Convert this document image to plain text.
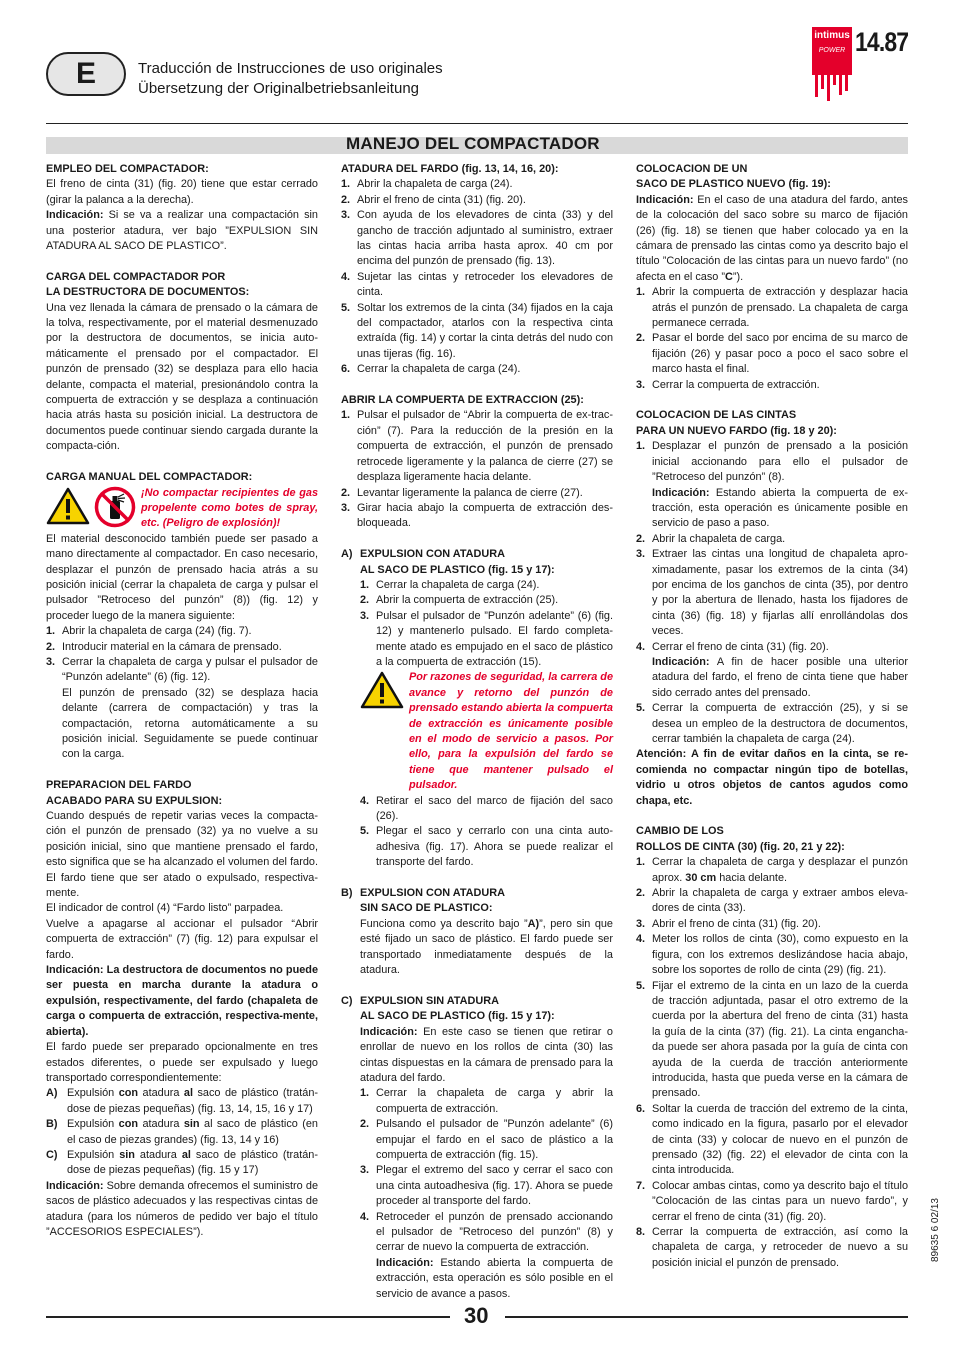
E	Traducción de Instrucciones de uso originales
Übersetzung der Originalbetriebsanleitung
intimus
POWER 14.87
MANEJO DEL COMPACTADOR
EMPLEO DEL COMPACTADOR:

El freno de cinta (31) (fig. 20) tiene que estar cerrado (girar la palanca a la derecha).

Indicación: Si se va a realizar una compactación sin una posterior atadura, ver bajo ”EXPULSION SIN ATADURA AL SACO DE PLASTICO”.

CARGA DEL COMPACTADOR POR
LA DESTRUCTORA DE DOCUMENTOS:

Una vez llenada la cámara de prensado o la cámara de la tolva, respectivamente, por el material desmenuzado por la destructora de documentos, se inicia auto-máticamente el prensado por el compactador. El punzón de prensado (32) se desplaza para ello hacia delante, compacta el material, presionándolo contra la compuerta de extracción y se desplaza a continuación hacia atrás hasta su posición inicial. La destructora de documentos puede continuar siendo cargada durante la compacta-ción.

CARGA MANUAL DEL COMPACTADOR:
¡No compactar recipientes de gas propelente como botes de spray, etc. (Peligro de explosión)!

El material desconocido también puede ser pasado a mano directamente al compactador. En caso necesario, desplazar el punzón de prensado hacia atrás a su posición inicial (cerrar la chapaleta de carga y pulsar el pulsador ”Retroceso del punzón” (8)) (fig. 12) y proceder luego de la manera siguiente:

1. Abrir la chapaleta de carga (24) (fig. 7).
2. Introducir material en la cámara de prensado.
3. Cerrar la chapaleta de carga y pulsar el pulsador de “Punzón adelante” (6) (fig. 12).

El punzón de prensado (32) se desplaza hacia delante (carrera de compactación) y tras la compactación, retorna automáticamente a su posición inicial. Seguidamente se puede continuar con la carga.

PREPARACION DEL FARDO
ACABADO PARA SU EXPULSION:

Cuando después de repetir varias veces la compacta-ción el punzón de prensado (32) ya no vuelve a su posición inicial, sino que mantiene prensado el fardo, esto significa que se ha alcanzado el volumen del fardo. El fardo tiene que ser atado o expulsado, respectiva-mente.

El indicador de control (4) “Fardo listo” parpadea.

Vuelve a apagarse al accionar el pulsador “Abrir compuerta de extracción” (7) (fig. 12) para expulsar el fardo.

Indicación: La destructora de documentos no puede ser puesta en marcha durante la atadura o expulsión, respectivamente, del fardo (chapaleta de carga o compuerta de extracción, respectiva-mente, abierta).

El fardo puede ser preparado opcionalmente en tres estados diferentes, o puede ser expulsado y luego transportado correspondientemente:

A) Expulsión con atadura al saco de plástico (tratán-dose de piezas pequeñas) (fig. 13, 14, 15, 16 y 17)
B) Expulsión con atadura sin al saco de plástico (en el caso de piezas grandes) (fig. 13, 14 y 16)
C) Expulsión sin atadura al saco de plástico (tratán-dose de piezas pequeñas) (fig. 15 y 17)

Indicación: Sobre demanda ofrecemos el suministro de sacos de plástico adecuados y las respectivas cintas de atadura (para los números de pedido ver bajo el título ”ACCESORIOS ESPECIALES”).

ATADURA DEL FARDO (fig. 13, 14, 16, 20):
1. Abrir la chapaleta de carga (24).
2. Abrir el freno de cinta (31) (fig. 20).
3. Con ayuda de los elevadores de cinta (33) y del gancho de tracción adjuntado al suministro, extraer las cintas hacia arriba hasta aprox. 40 cm por encima del punzón de prensado (fig. 13).
4. Sujetar las cintas y retroceder los elevadores de cinta.
5. Soltar los extremos de la cinta (34) fijados en la caja del compactador, atarlos con la respectiva cinta extraída (fig. 14) y cortar la cinta detrás del nudo con unas tijeras (fig. 16).
6. Cerrar la chapaleta de carga (24).
ABRIR LA COMPUERTA DE EXTRACCION (25):
1. Pulsar el pulsador de “Abrir la compuerta de ex-trac-ción” (7). Para la reducción de la presión en la compuerta de extracción, el punzón de prensado retrocede ligeramente y la palanca de cierre (27) se desplaza ligeramente hacia delante.
2. Levantar ligeramente la palanca de cierre (27).
3. Girar hacia abajo la compuerta de extracción des-bloqueada.
A) EXPULSION CON ATADURA
AL SACO DE PLASTICO (fig. 15 y 17):
1. Cerrar la chapaleta de carga (24).
2. Abrir la compuerta de extracción (25).
3. Pulsar el pulsador de ”Punzón adelante” (6) (fig. 12) y mantenerlo pulsado. El fardo completa-mente atado es empujado en el saco de plástico a la compuerta de extracción (15).
Por razones de seguridad, la carrera de avance y retorno del punzón de prensado estando abierta la compuerta de extracción es únicamente posible en el modo de servicio a pasos. Por ello, para la expulsión del fardo se tiene que mantener pulsado el pulsador.
4. Retirar el saco del marco de fijación del saco (26).
5. Plegar el saco y cerrarlo con una cinta auto-adhesiva (fig. 17). Ahora se puede realizar el transporte del fardo.
B) EXPULSION CON ATADURA
SIN SACO DE PLASTICO:

Funciona como ya descrito bajo ”A)”, pero sin que esté fijado un saco de plástico. El fardo puede ser transportado inmediatamente después de la atadura.

C) EXPULSION SIN ATADURA
AL SACO DE PLASTICO (fig. 15 y 17):

Indicación: En este caso se tienen que retirar o enrollar de nuevo en los rollos de cinta (30) las cintas dispuestas en la cámara de prensado para la atadura del fardo.

1. Cerrar la chapaleta de carga y abrir la compuerta de extracción.
2. Pulsando el pulsador de ”Punzón adelante” (6) empujar el fardo en el saco de plástico a la compuerta de extracción (fig. 15).
3. Plegar el extremo del saco y cerrar el saco con una cinta autoadhesiva (fig. 17). Ahora se puede proceder al transporte del fardo.
4. Retroceder el punzón de prensado accionando el pulsador de ”Retroceso del punzón” (8) y cerrar de nuevo la compuerta de extracción.

Indicación: Estando abierta la compuerta de extracción, esta operación es sólo posible en el servicio de avance a pasos.

COLOCACION DE UN
SACO DE PLASTICO NUEVO (fig. 19):

Indicación: En el caso de una atadura del fardo, antes de la colocación del saco sobre su marco de fijación (26) (fig. 18) se tienen que haber colocado ya en la cámara de prensado las cintas como ya descrito bajo el título ”Colocación de las cintas para un nuevo fardo” (no afecta en el caso ”C”).

1. Abrir la compuerta de extracción y desplazar hacia atrás el punzón de prensado. La chapaleta de carga permanece cerrada.
2. Pasar el borde del saco por encima de su marco de fijación (26) y pasar poco a poco el saco sobre el marco hasta el final.
3. Cerrar la compuerta de extracción.
COLOCACION DE LAS CINTAS
PARA UN NUEVO FARDO (fig. 18 y 20):
1. Desplazar el punzón de prensado a la posición inicial accionando para ello el pulsador de ”Retroceso del punzón” (8).
Indicación: Estando abierta la compuerta de ex-tracción, esta operación es únicamente posible en servicio de paso a paso.
2. Abrir la chapaleta de carga.
3. Extraer las cintas una longitud de chapaleta apro-ximadamente, pasar los extremos de la cinta (34) por encima de los ganchos de cinta (35), por dentro y por la abertura de llenado, hasta los fijadores de cinta (36) (fig. 18) y fijarlas allí enrollándolas dos veces.
4. Cerrar el freno de cinta (31) (fig. 20).
Indicación: A fin de hacer posible una ulterior atadura del fardo, el freno de cinta tiene que haber sido cerrado antes del prensado.
5. Cerrar la compuerta de extracción (25), y si se desea un empleo de la destructora de documentos, cerrar también la chapaleta de carga (24).

Atención: A fin de evitar daños en la cinta, se re-comienda no compactar ningún tipo de botellas, vidrio u otros objetos de cantos agudos como chapa, etc.

CAMBIO DE LOS
ROLLOS DE CINTA (30) (fig. 20, 21 y 22):
1. Cerrar la chapaleta de carga y desplazar el punzón aprox. 30 cm hacia delante.
2. Abrir la chapaleta de carga y extraer ambos eleva-dores de cinta (33).
3. Abrir el freno de cinta (31) (fig. 20).
4. Meter los rollos de cinta (30), como expuesto en la figura, con los extremos deslizándose hacia abajo, sobre los soportes de rollo de cinta (29) (fig. 21).
5. Fijar el extremo de la cinta en un lazo de la cuerda de tracción adjuntada, pasar el otro extremo de la cuerda por la abertura del freno de cinta (31) hasta la guía de la cinta (37) (fig. 21). La cinta engancha-da puede ser ahora pasada por la guía de cinta con ayuda de la cuerda de tracción anteriormente introducida, hasta que pueda verse en la cámara de prensado.
6. Soltar la cuerda de tracción del extremo de la cinta, como indicado en la figura, pasarlo por el elevador de cinta (33) y colocar de nuevo en el punzón de prensado (32) (fig. 22) el elevador de cinta con la cinta introducida.
7. Colocar ambas cintas, como ya descrito bajo el título ”Colocación de las cintas para un nuevo fardo”, y cerrar el freno de cinta (31) (fig. 20).
8. Cerrar la compuerta de extracción, así como la chapaleta de carga, y retroceder de nuevo a su posición inicial el punzón de prensado.
89635 6 02/13
30
